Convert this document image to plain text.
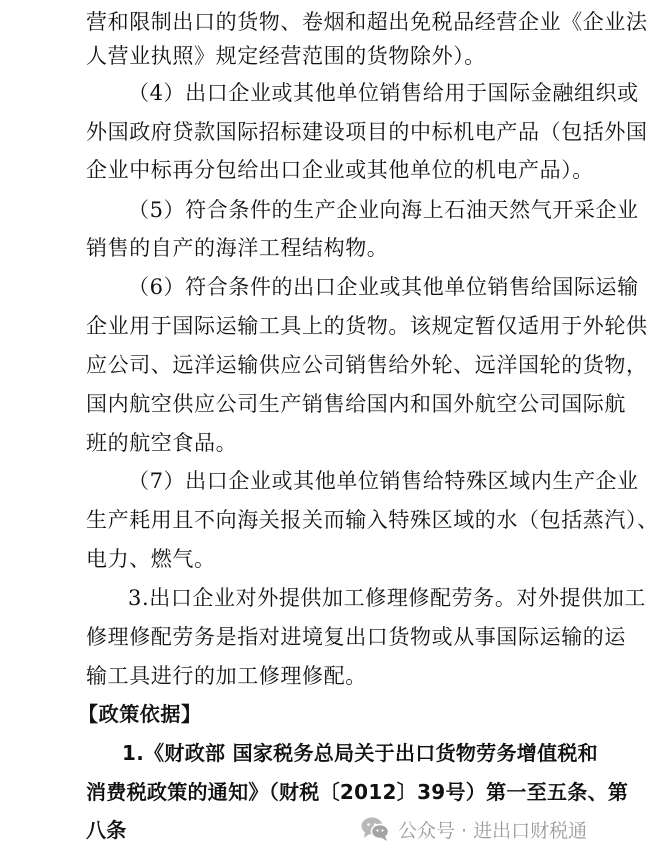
营和限制出口的货物、卷烟和超出免税品经营企业《企业法
人营业执照》规定经营范围的货物除外）。
（4）出口企业或其他单位销售给用于国际金融组织或
外国政府贷款国际招标建设项目的中标机电产品（包括外国
企业中标再分包给出口企业或其他单位的机电产品）。
（5）符合条件的生产企业向海上石油天然气开采企业
销售的自产的海洋工程结构物。
（6）符合条件的出口企业或其他单位销售给国际运输
企业用于国际运输工具上的货物。该规定暂仅适用于外轮供
应公司、远洋运输供应公司销售给外轮、远洋国轮的货物，
国内航空供应公司生产销售给国内和国外航空公司国际航
班的航空食品。
（7）出口企业或其他单位销售给特殊区域内生产企业
生产耗用且不向海关报关而输入特殊区域的水（包括蒸汽）、
电力、燃气。
3.出口企业对外提供加工修理修配劳务。对外提供加工
修理修配劳务是指对进境复出口货物或从事国际运输的运
输工具进行的加工修理修配。
【政策依据】
1.《财政部 国家税务总局关于出口货物劳务增值税和
消费税政策的通知》（财税〔2012〕39号）第一至五条、第
八条	公众号 · 进出口财税通
